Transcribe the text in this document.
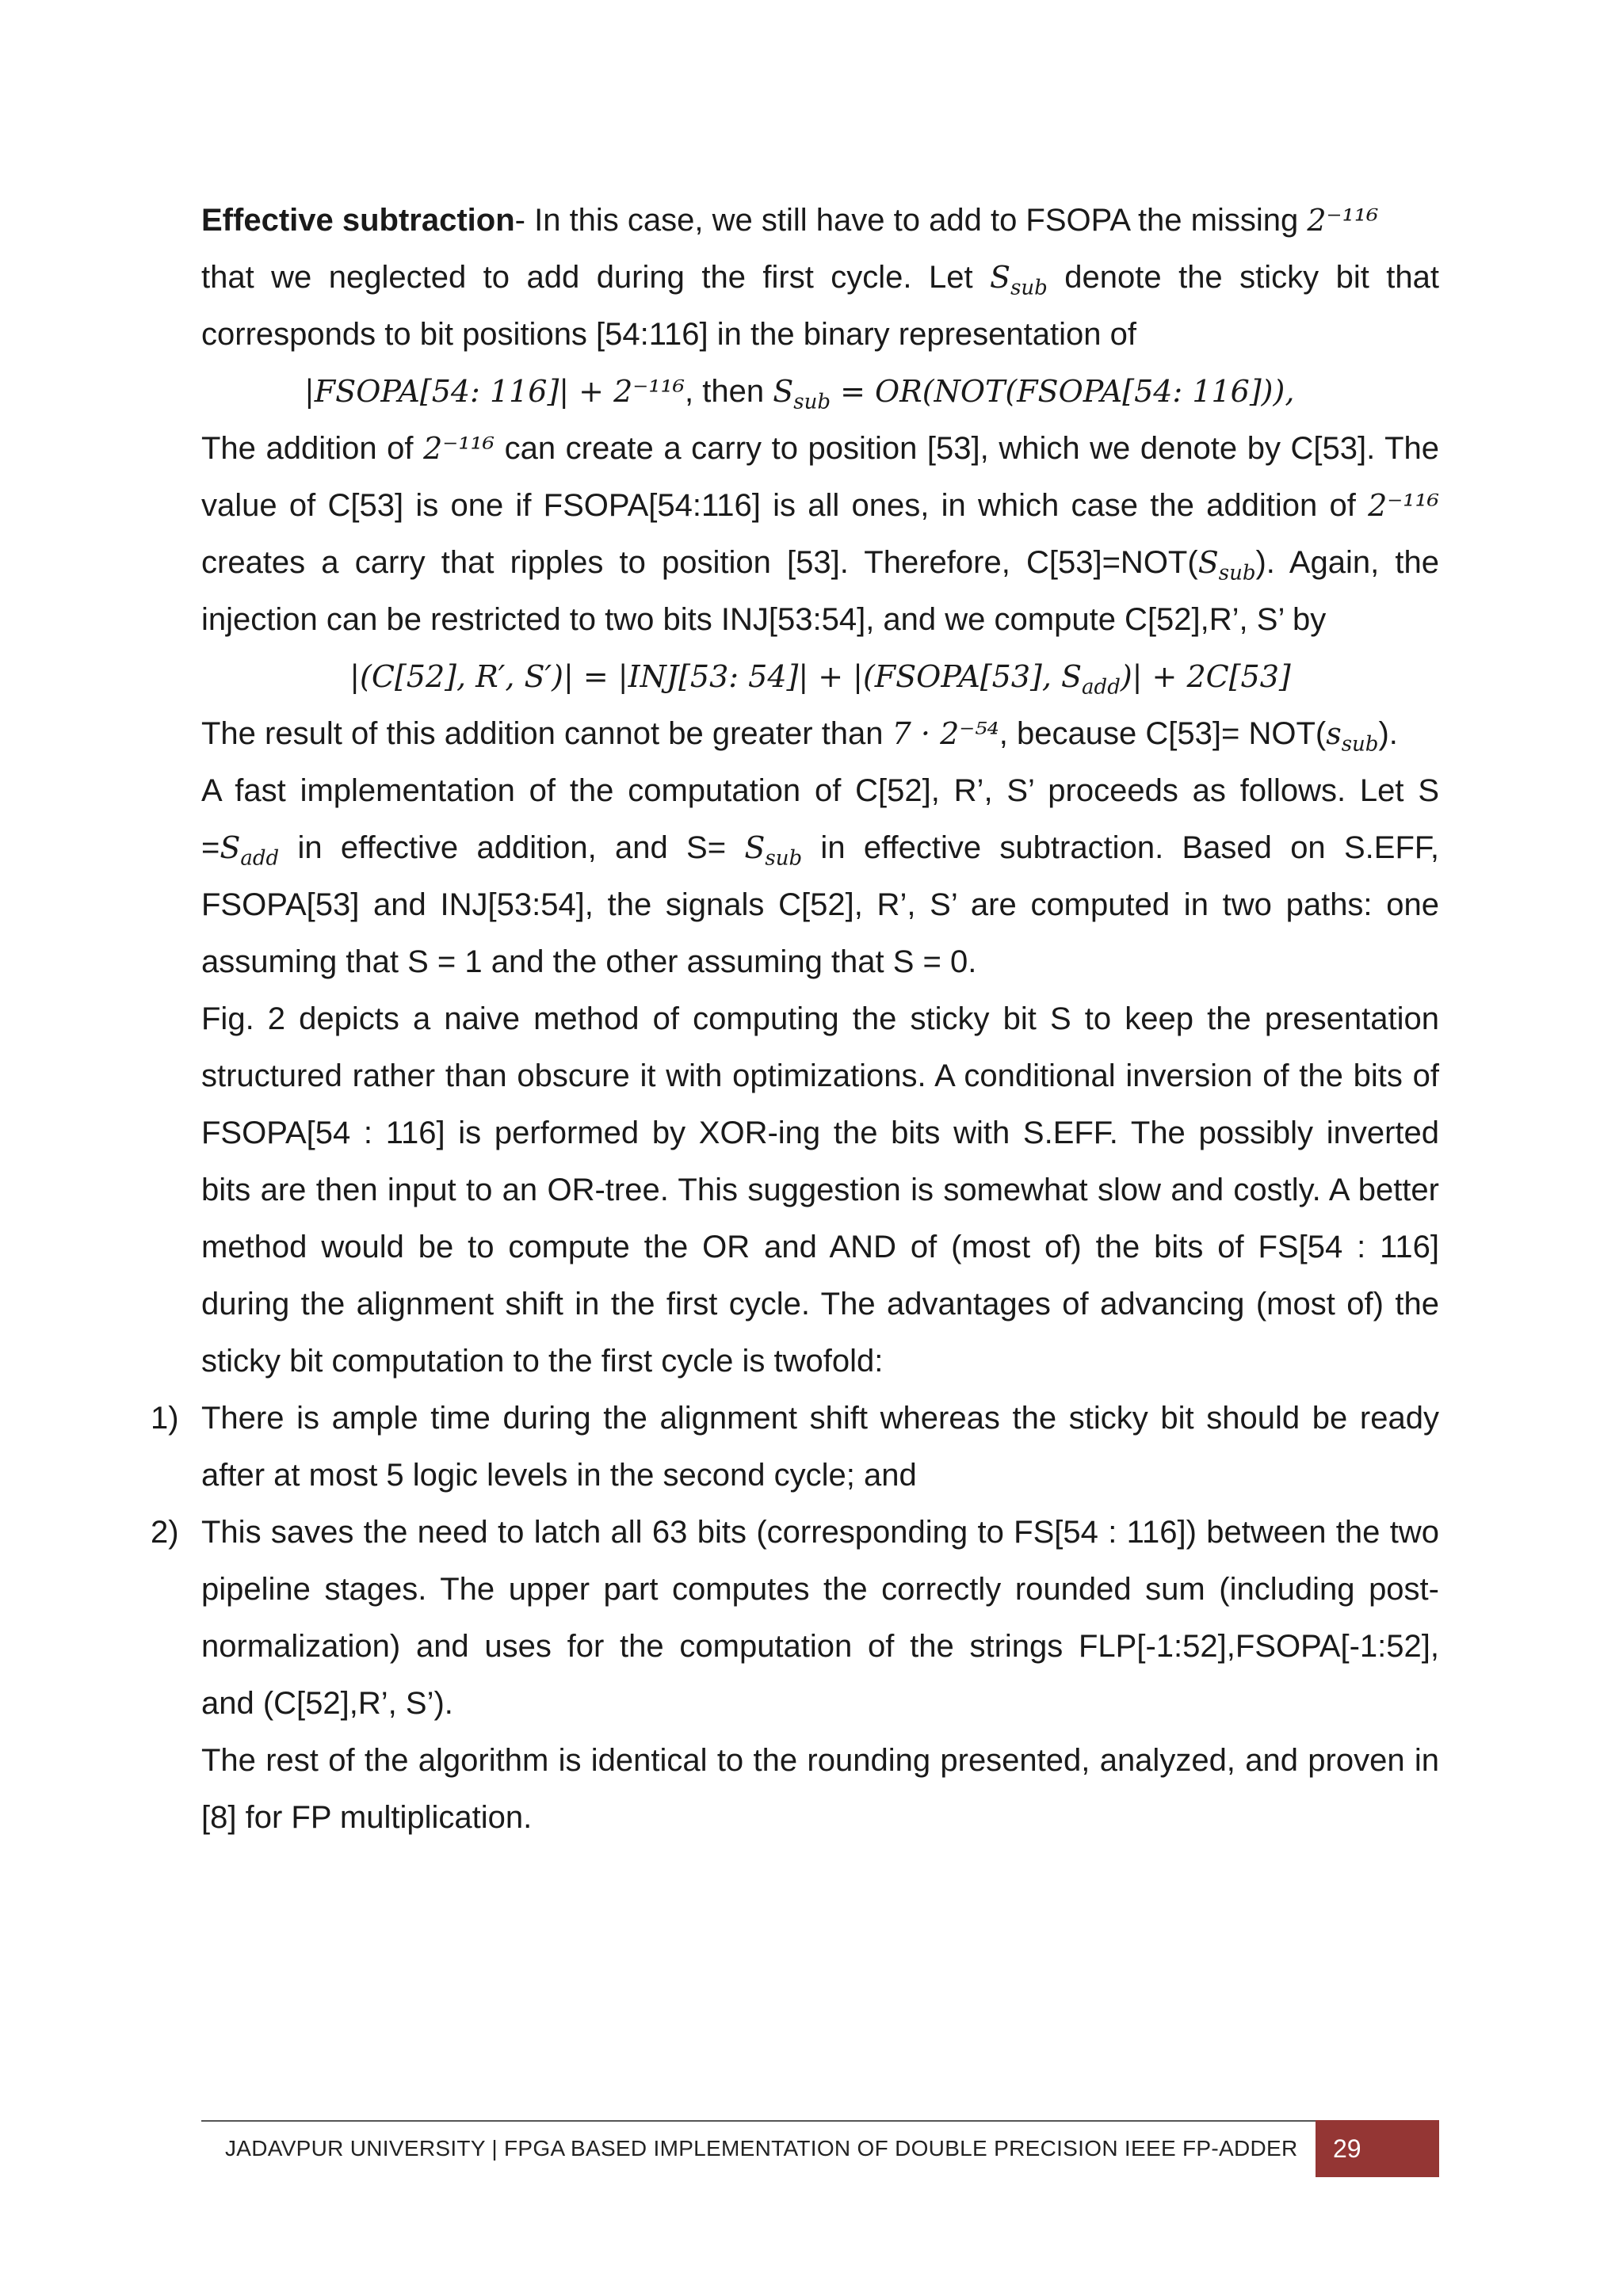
Effective subtraction- In this case, we still have to add to FSOPA the missing 2⁻¹¹⁶
that we neglected to add during the first cycle. Let $S_{sub}$ denote the sticky bit that corresponds to bit positions [54:116] in the binary representation of

|FSOPA[54: 116]| + 2⁻¹¹⁶, then $S_{sub}$ = OR(NOT(FSOPA[54: 116])),

The addition of 2⁻¹¹⁶ can create a carry to position [53], which we denote by C[53]. The value of C[53] is one if FSOPA[54:116] is all ones, in which case the addition of 2⁻¹¹⁶ creates a carry that ripples to position [53]. Therefore, $C[53]=NOT(S_{sub})$. Again, the injection can be restricted to two bits INJ[53:54], and we compute C[52],R’, S’ by

|(C[52], R′, S′)| = |INJ[53: 54]| + |(FSOPA[53], $S_{add})| + 2C[53]$

The result of this addition cannot be greater than 7 · 2⁻⁵⁴, because $C[53]= NOT(s_{sub})$.

A fast implementation of the computation of C[52], R’, S’ proceeds as follows. Let $S =S_{add}$ in effective addition, and $S= S_{sub}$ in effective subtraction. Based on S.EFF, FSOPA[53] and INJ[53:54], the signals C[52], R’, S’ are computed in two paths: one assuming that S = 1 and the other assuming that S = 0.

Fig. 2 depicts a naive method of computing the sticky bit S to keep the presentation structured rather than obscure it with optimizations. A conditional inversion of the bits of FSOPA[54 : 116] is performed by XOR-ing the bits with S.EFF. The possibly inverted bits are then input to an OR-tree. This suggestion is somewhat slow and costly. A better method would be to compute the OR and AND of (most of) the bits of FS[54 : 116] during the alignment shift in the first cycle. The advantages of advancing (most of) the sticky bit computation to the first cycle is twofold:

1) There is ample time during the alignment shift whereas the sticky bit should be ready after at most 5 logic levels in the second cycle; and
2) This saves the need to latch all 63 bits (corresponding to FS[54 : 116]) between the two pipeline stages. The upper part computes the correctly rounded sum (including post-normalization) and uses for the computation of the strings FLP[-1:52],FSOPA[-1:52], and (C[52],R’, S’).

The rest of the algorithm is identical to the rounding presented, analyzed, and proven in [8] for FP multiplication.

JADAVPUR UNIVERSITY | FPGA BASED IMPLEMENTATION OF DOUBLE PRECISION IEEE FP-ADDER	29
